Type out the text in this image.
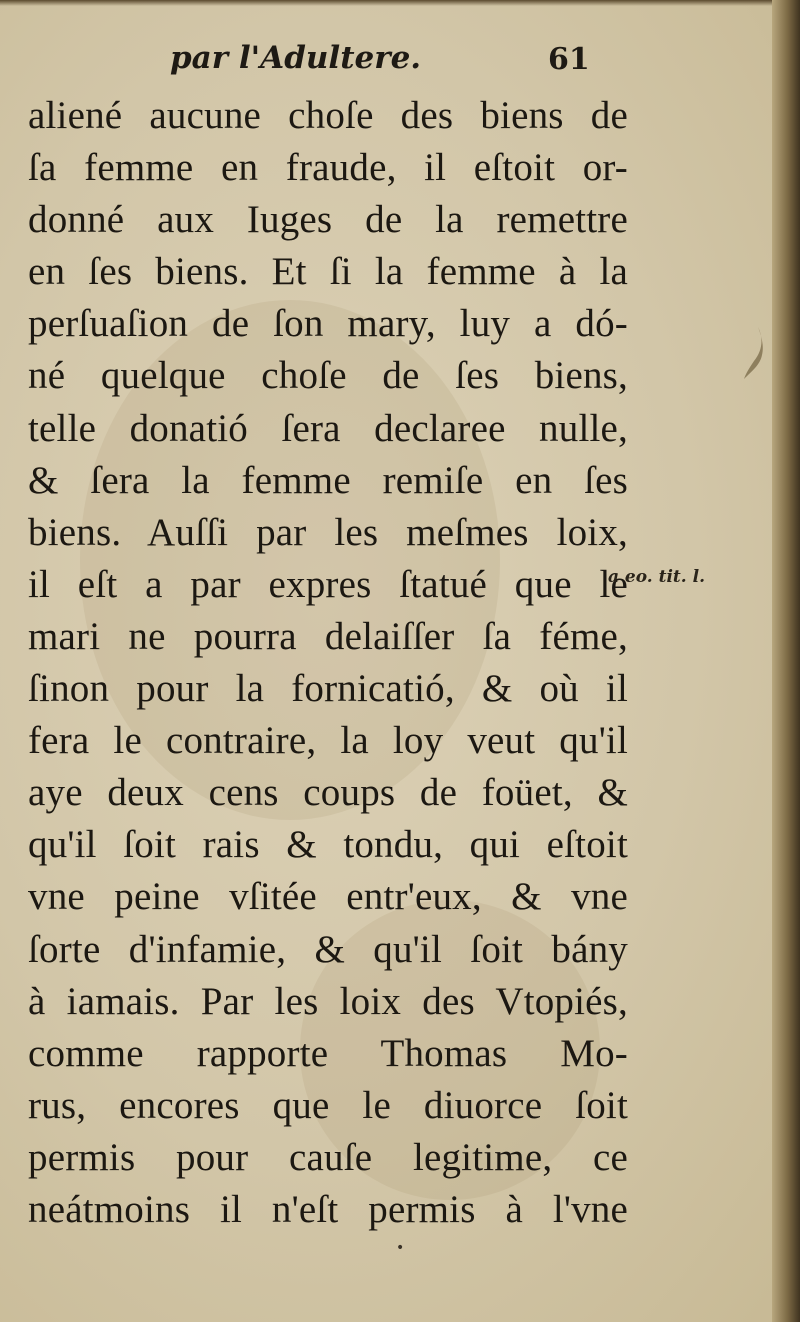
par l'Adultere.	61
aliené aucune choſe des biens de
ſa femme en fraude, il eſtoit or-
donné aux Iuges de la remettre
en ſes biens. Et ſi la femme à la
perſuaſion de ſon mary, luy a dó-
né quelque choſe de ſes biens,
telle donatió ſera declaree nulle,
& ſera la femme remiſe en ſes
biens. Auſſi par les meſmes loix,
il eſt a par expres ſtatué que le
mari ne pourra delaiſſer ſa féme,
ſinon pour la fornicatió, & où il
fera le contraire, la loy veut qu'il
aye deux cens coups de foüet, &
qu'il ſoit rais & tondu, qui eſtoit
vne peine vſitée entr'eux, & vne
ſorte d'infamie, & qu'il ſoit bány
à iamais. Par les loix des Vtopiés,
comme rapporte Thomas Mo-
rus, encores que le diuorce ſoit
permis pour cauſe legitime, ce
neátmoins il n'eſt permis à l'vne
a eo. tit. l.
•
